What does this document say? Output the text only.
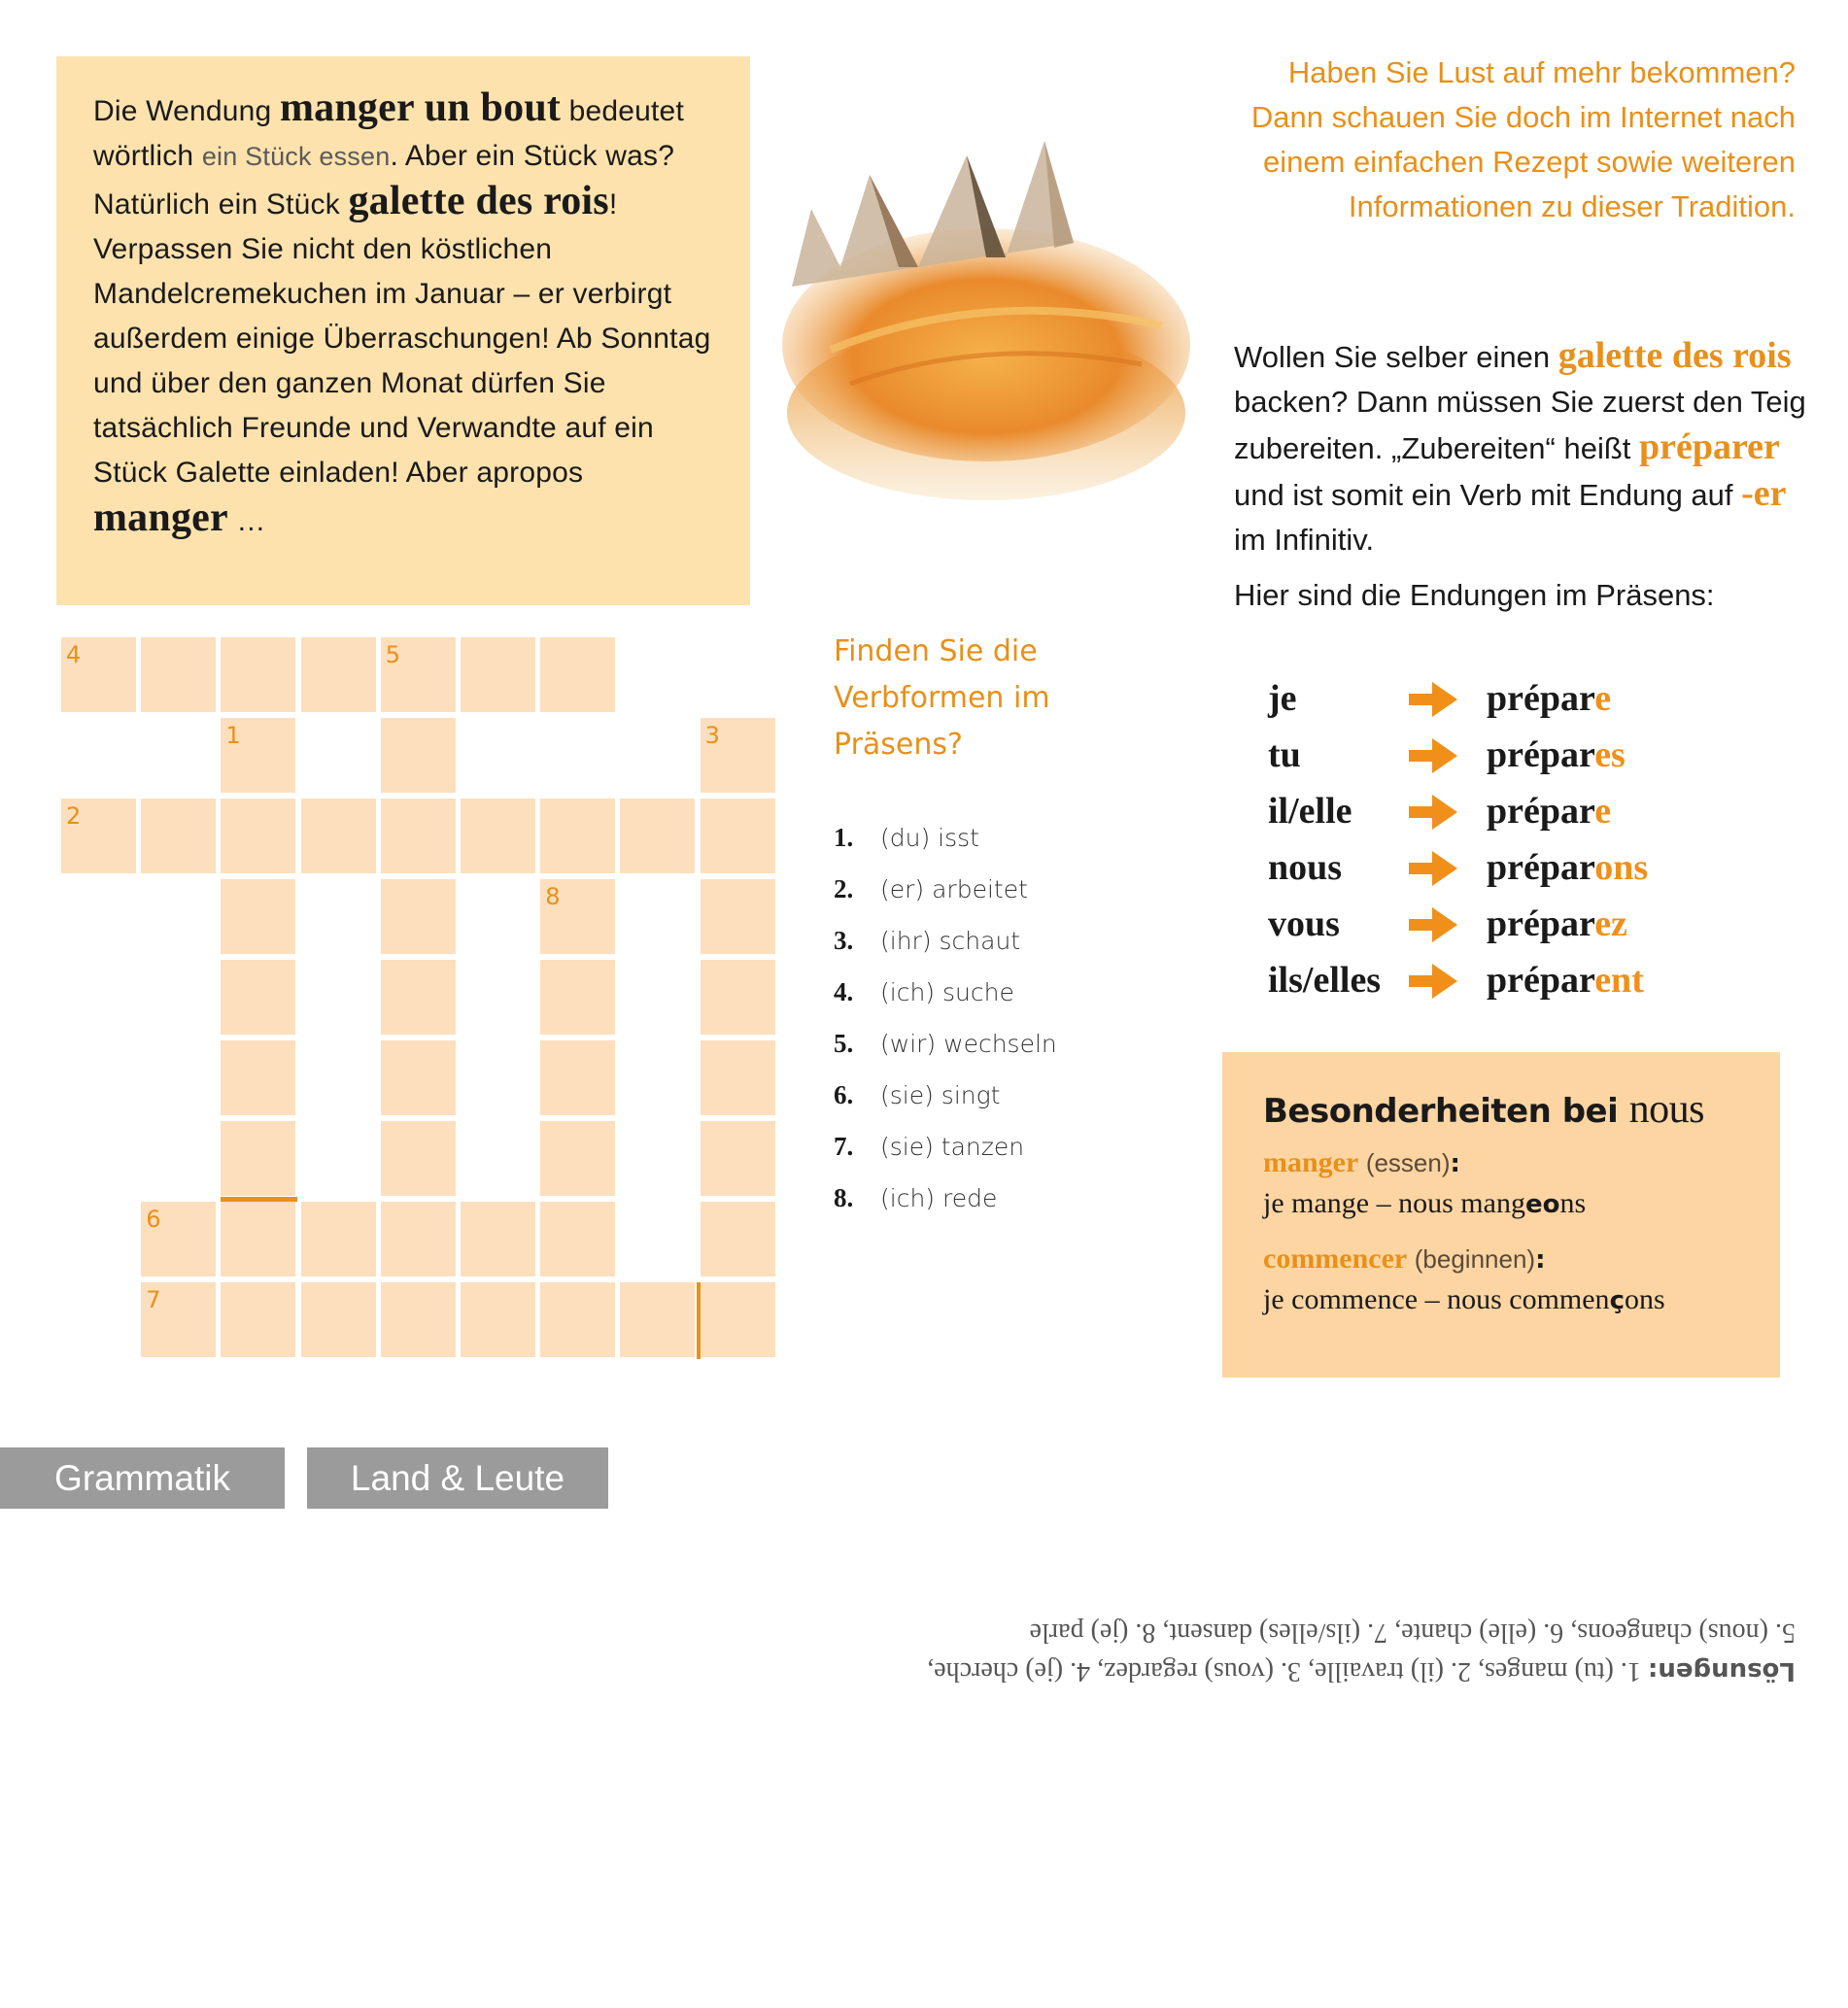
Die Wendung manger un bout bedeutet wörtlich ein Stück essen. Aber ein Stück was? Natürlich ein Stück galette des rois! Verpassen Sie nicht den köstlichen Mandelcremekuchen im Januar – er verbirgt außerdem einige Überraschungen! Ab Sonntag und über den ganzen Monat dürfen Sie tatsächlich Freunde und Verwandte auf ein Stück Galette einladen! Aber apropos manger …
Haben Sie Lust auf mehr bekommen?
Dann schauen Sie doch im Internet nach
einem einfachen Rezept sowie weiteren
Informationen zu dieser Tradition.
Wollen Sie selber einen galette des rois backen? Dann müssen Sie zuerst den Teig zubereiten. „Zubereiten“ heißt préparer und ist somit ein Verb mit Endung auf -er im Infinitiv.
Hier sind die Endungen im Präsens:
je	prépare
tu	prépares
il/elle	prépare
nous	préparons
vous	préparez
ils/elles	préparent
Besonderheiten bei nous
manger (essen):
je mange – nous mangeons
commencer (beginnen):
je commence – nous commençons
4	5
1	3
2
8
6
7
Finden Sie die Verbformen im Präsens?
1. (du) isst
2. (er) arbeitet
3. (ihr) schaut
4. (ich) suche
5. (wir) wechseln
6. (sie) singt
7. (sie) tanzen
8. (ich) rede
Grammatik	Land & Leute
Lösungen: 1. (tu) manges, 2. (il) travaille, 3. (vous) regardez, 4. (je) cherche,
5. (nous) changeons, 6. (elle) chante, 7. (ils/elles) dansent, 8. (je) parle
